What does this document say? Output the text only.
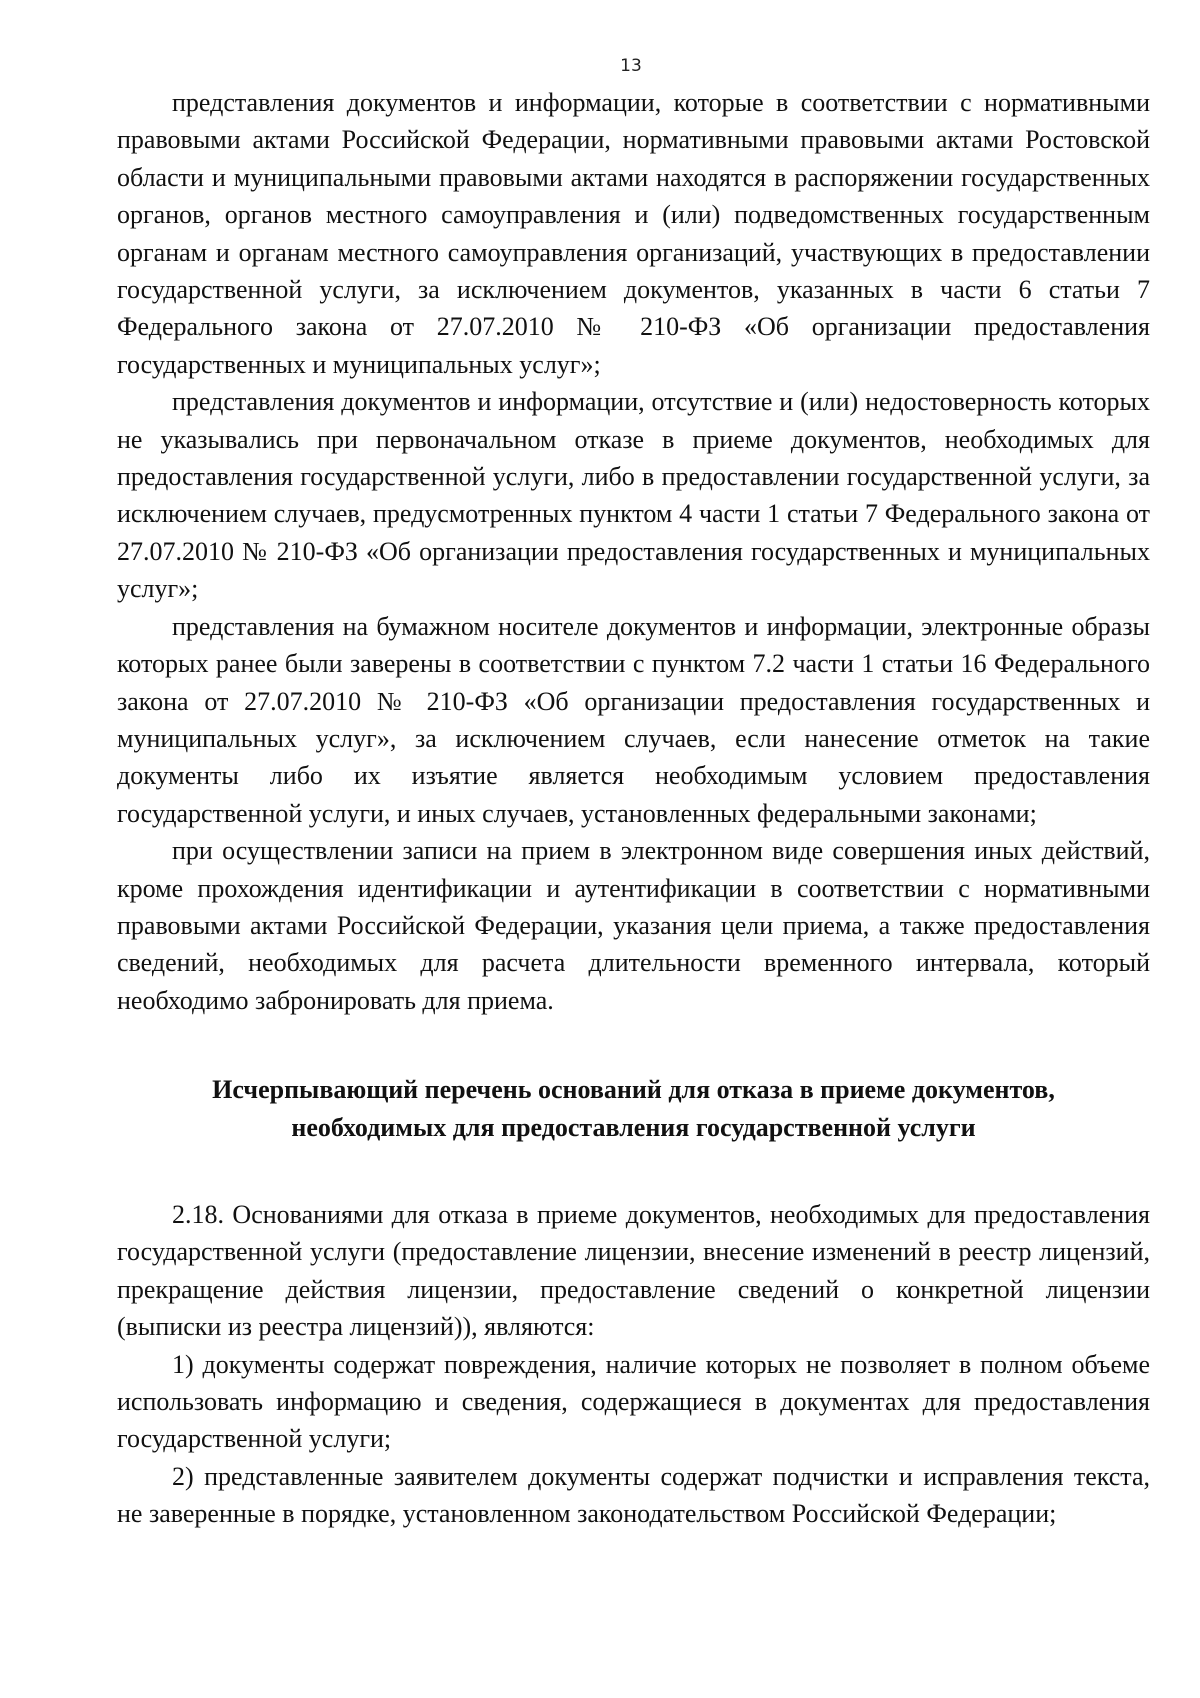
13

представления документов и информации, которые в соответствии с нормативными правовыми актами Российской Федерации, нормативными правовыми актами Ростовской области и муниципальными правовыми актами находятся в распоряжении государственных органов, органов местного самоуправления и (или) подведомственных государственным органам и органам местного самоуправления организаций, участвующих в предоставлении государственной услуги, за исключением документов, указанных в части 6 статьи 7 Федерального закона от 27.07.2010 № 210-ФЗ «Об организации предоставления государственных и муниципальных услуг»;

представления документов и информации, отсутствие и (или) недостоверность которых не указывались при первоначальном отказе в приеме документов, необходимых для предоставления государственной услуги, либо в предоставлении государственной услуги, за исключением случаев, предусмотренных пунктом 4 части 1 статьи 7 Федерального закона от 27.07.2010 № 210-ФЗ «Об организации предоставления государственных и муниципальных услуг»;

представления на бумажном носителе документов и информации, электронные образы которых ранее были заверены в соответствии с пунктом 7.2 части 1 статьи 16 Федерального закона от 27.07.2010 № 210-ФЗ «Об организации предоставления государственных и муниципальных услуг», за исключением случаев, если нанесение отметок на такие документы либо их изъятие является необходимым условием предоставления государственной услуги, и иных случаев, установленных федеральными законами;

при осуществлении записи на прием в электронном виде совершения иных действий, кроме прохождения идентификации и аутентификации в соответствии с нормативными правовыми актами Российской Федерации, указания цели приема, а также предоставления сведений, необходимых для расчета длительности временного интервала, который необходимо забронировать для приема.

Исчерпывающий перечень оснований для отказа в приеме документов,
необходимых для предоставления государственной услуги

2.18. Основаниями для отказа в приеме документов, необходимых для предоставления государственной услуги (предоставление лицензии, внесение изменений в реестр лицензий, прекращение действия лицензии, предоставление сведений о конкретной лицензии (выписки из реестра лицензий)), являются:

1) документы содержат повреждения, наличие которых не позволяет в полном объеме использовать информацию и сведения, содержащиеся в документах для предоставления государственной услуги;

2) представленные заявителем документы содержат подчистки и исправления текста, не заверенные в порядке, установленном законодательством Российской Федерации;
